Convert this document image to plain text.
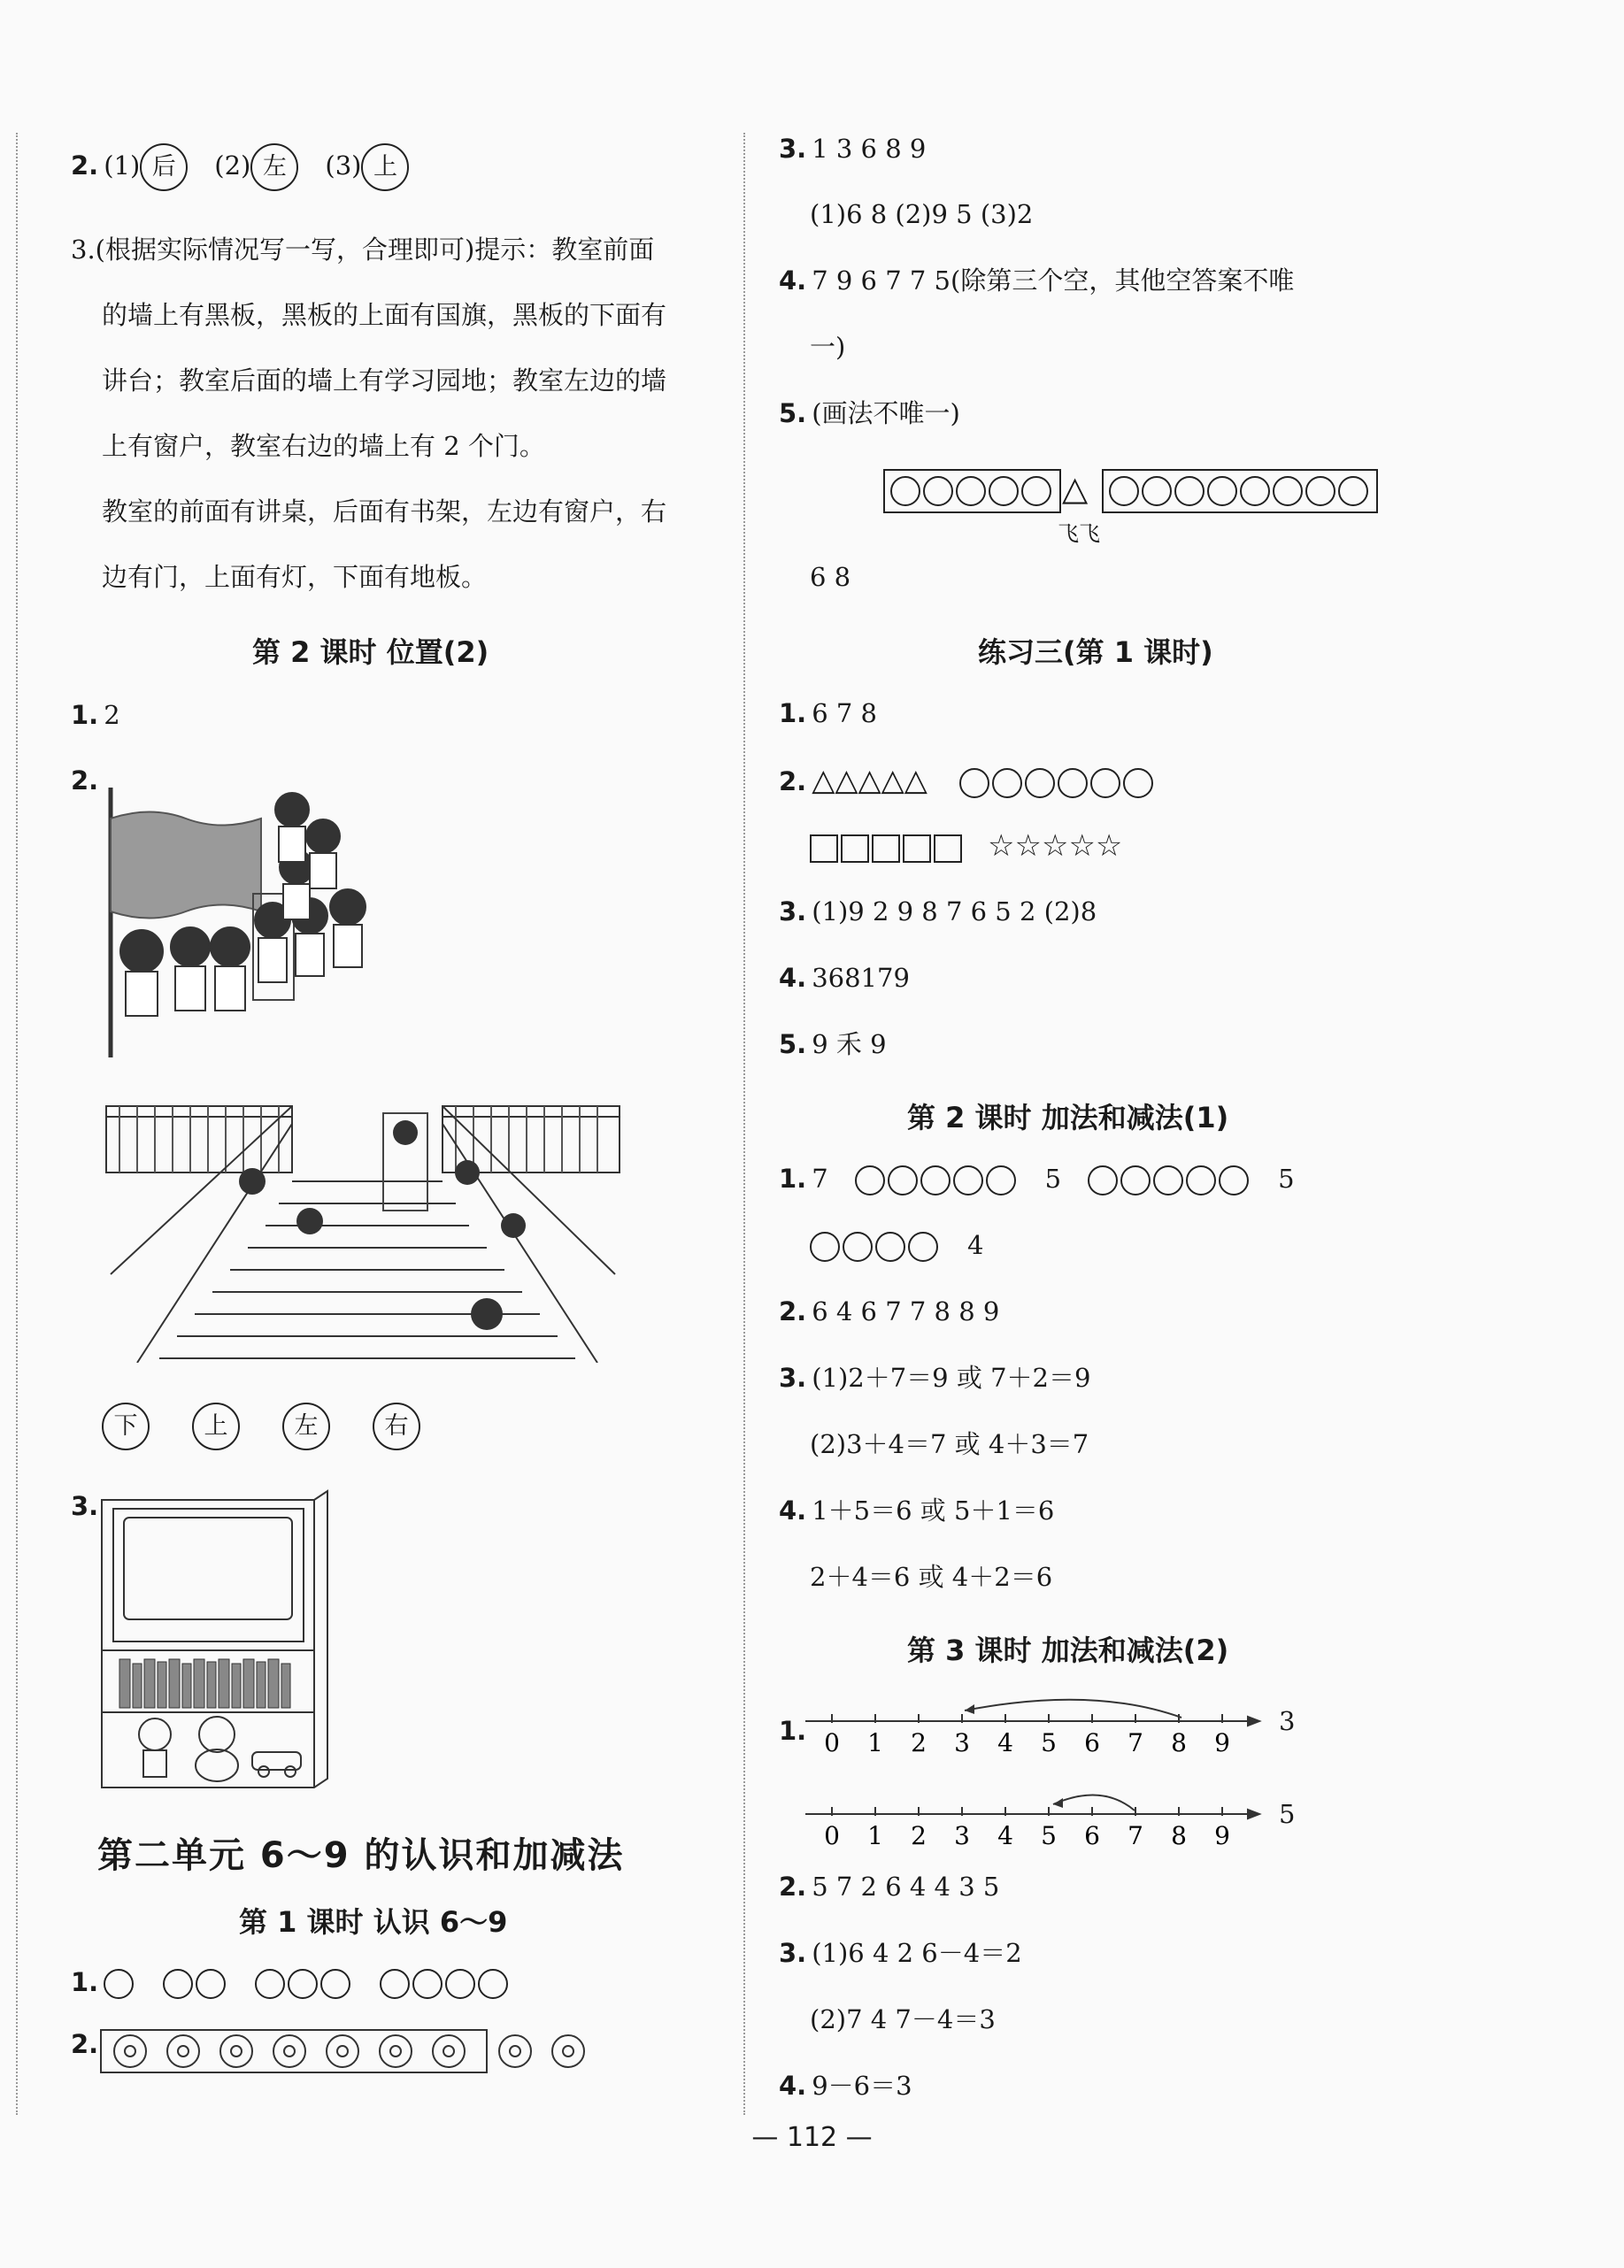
2. (1) 后 (2) 左 (3) 上
3.(根据实际情况写一写，合理即可)提示：教室前面
的墙上有黑板，黑板的上面有国旗，黑板的下面有
讲台；教室后面的墙上有学习园地；教室左边的墙
上有窗户，教室右边的墙上有 2 个门。
教室的前面有讲桌，后面有书架，左边有窗户，右
边有门，上面有灯，下面有地板。
第 2 课时 位置(2)
1. 2
2.
下	上	左	右
3.
第二单元 6～9 的认识和加减法
第 1 课时 认识 6～9
1.
2.
3. 1 3 6 8 9
(1)6 8 (2)9 5 (3)2
4. 7 9 6 7 7 5(除第三个空，其他空答案不唯
一)
5. (画法不唯一)
△
飞飞
6 8
练习三(第 1 课时)
1. 6 7 8
2. △△△△△
☆☆☆☆☆
3. (1)9 2 9 8 7 6 5 2 (2)8
4. 368179
5. 9 禾 9
第 2 课时 加法和减法(1)
1. 7	5	5
4
2. 6 4 6 7 7 8 8 9
3. (1)2＋7＝9 或 7＋2＝9
(2)3＋4＝7 或 4＋3＝7
4. 1＋5＝6 或 5＋1＝6
2＋4＝6 或 4＋2＝6
第 3 课时 加法和减法(2)
1. 0 1 2 3 4 5 6 7 8 9
0 1 2 3 4 5 6 7 8 9
3
5
2. 5 7 2 6 4 4 3 5
3. (1)6 4 2 6－4＝2
(2)7 4 7－4＝3
4. 9－6＝3
— 112 —
